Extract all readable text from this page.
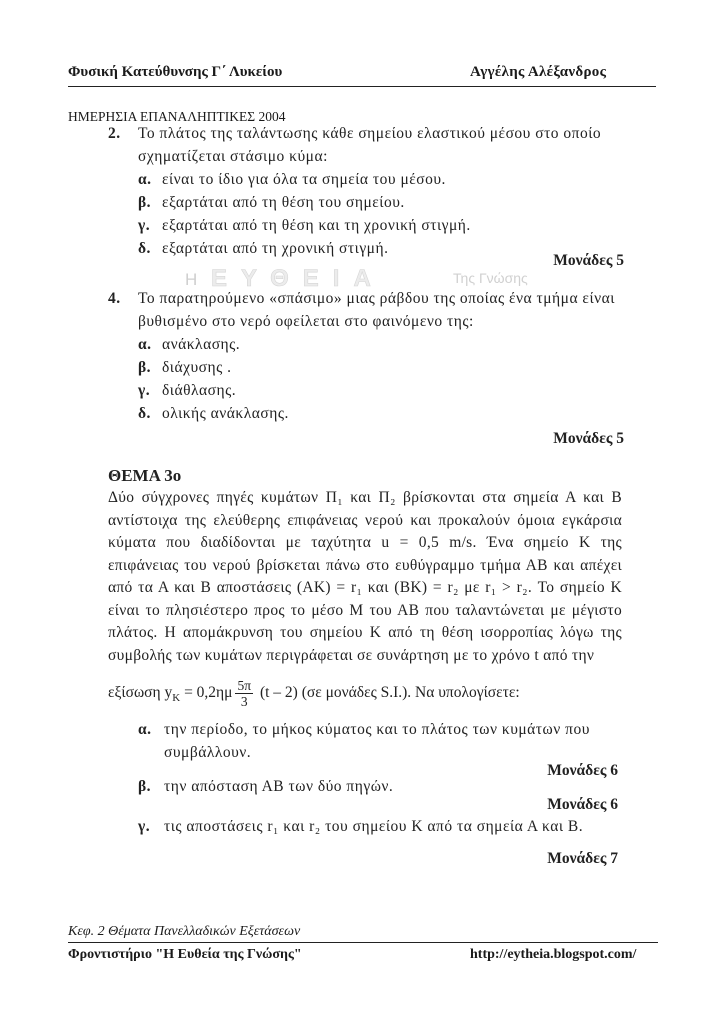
Φυσική Κατεύθυνσης Γ΄ Λυκείου	Αγγέλης Αλέξανδρος
ΗΜΕΡΗΣΙΑ ΕΠΑΝΑΛΗΠΤΙΚΕΣ 2004
2. Το πλάτος της ταλάντωσης κάθε σημείου ελαστικού μέσου στο οποίο σχηματίζεται στάσιμο κύμα:
α. είναι το ίδιο για όλα τα σημεία του μέσου.
β. εξαρτάται από τη θέση του σημείου.
γ. εξαρτάται από τη θέση και τη χρονική στιγμή.
δ. εξαρτάται από τη χρονική στιγμή.
Μονάδες 5
Η ΕΥΘΕΙΑ	Της Γνώσης
4. Το παρατηρούμενο «σπάσιμο» μιας ράβδου της οποίας ένα τμήμα είναι βυθισμένο στο νερό οφείλεται στο φαινόμενο της:
α. ανάκλασης.
β. διάχυσης .
γ. διάθλασης.
δ. ολικής ανάκλασης.
Μονάδες 5
ΘΕΜΑ 3ο
Δύο σύγχρονες πηγές κυμάτων Π₁ και Π₂ βρίσκονται στα σημεία Α και Β αντίστοιχα της ελεύθερης επιφάνειας νερού και προκαλούν όμοια εγκάρσια κύματα που διαδίδονται με ταχύτητα u = 0,5 m/s. Ένα σημείο Κ της επιφάνειας του νερού βρίσκεται πάνω στο ευθύγραμμο τμήμα ΑΒ και απέχει από τα Α και Β αποστάσεις (ΑΚ) = r₁ και (ΒΚ) = r₂ με r₁ > r₂. Το σημείο Κ είναι το πλησιέστερο προς το μέσο Μ του ΑΒ που ταλαντώνεται με μέγιστο πλάτος. Η απομάκρυνση του σημείου Κ από τη θέση ισορροπίας λόγω της συμβολής των κυμάτων περιγράφεται σε συνάρτηση με το χρόνο t από την
εξίσωση $y_K = 0,2\eta\mu \frac{5\pi}{3} (t - 2)$ (σε μονάδες S.I.). Να υπολογίσετε:
α. την περίοδο, το μήκος κύματος και το πλάτος των κυμάτων που συμβάλλουν.
Μονάδες 6
β. την απόσταση ΑΒ των δύο πηγών.
Μονάδες 6
γ. τις αποστάσεις r₁ και r₂ του σημείου Κ από τα σημεία Α και Β.
Μονάδες 7
Κεφ. 2 Θέματα Πανελλαδικών Εξετάσεων
Φροντιστήριο "Η Ευθεία της Γνώσης"	http://eytheia.blogspot.com/
